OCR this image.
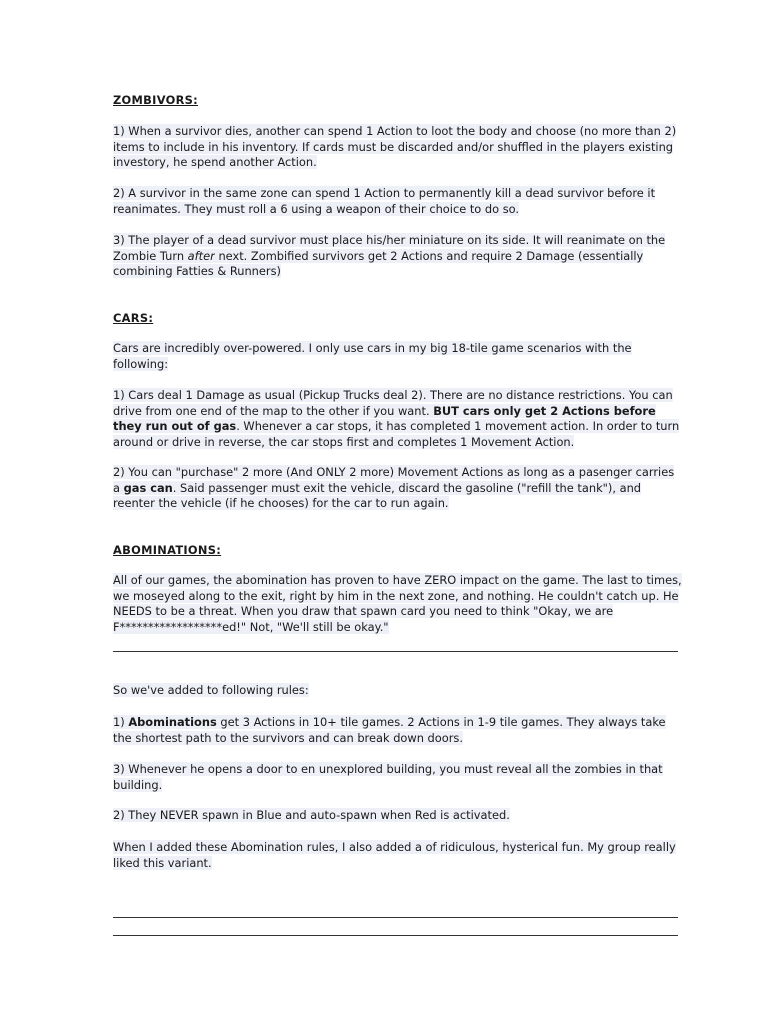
ZOMBIVORS:

1) When a survivor dies, another can spend 1 Action to loot the body and choose (no more than 2) items to include in his inventory. If cards must be discarded and/or shuffled in the players existing investory, he spend another Action.

2) A survivor in the same zone can spend 1 Action to permanently kill a dead survivor before it reanimates. They must roll a 6 using a weapon of their choice to do so.

3) The player of a dead survivor must place his/her miniature on its side. It will reanimate on the Zombie Turn after next. Zombified survivors get 2 Actions and require 2 Damage (essentially combining Fatties & Runners)

CARS:

Cars are incredibly over-powered. I only use cars in my big 18-tile game scenarios with the following:

1) Cars deal 1 Damage as usual (Pickup Trucks deal 2). There are no distance restrictions. You can drive from one end of the map to the other if you want. BUT cars only get 2 Actions before they run out of gas. Whenever a car stops, it has completed 1 movement action. In order to turn around or drive in reverse, the car stops first and completes 1 Movement Action.

2) You can "purchase" 2 more (And ONLY 2 more) Movement Actions as long as a pasenger carries a gas can. Said passenger must exit the vehicle, discard the gasoline ("refill the tank"), and reenter the vehicle (if he chooses) for the car to run again.

ABOMINATIONS:

All of our games, the abomination has proven to have ZERO impact on the game. The last to times, we moseyed along to the exit, right by him in the next zone, and nothing. He couldn't catch up. He NEEDS to be a threat. When you draw that spawn card you need to think "Okay, we are F******************ed!" Not, "We'll still be okay."

So we've added to following rules:

1) Abominations get 3 Actions in 10+ tile games. 2 Actions in 1-9 tile games. They always take the shortest path to the survivors and can break down doors.

3) Whenever he opens a door to en unexplored building, you must reveal all the zombies in that building.

2) They NEVER spawn in Blue and auto-spawn when Red is activated.

When I added these Abomination rules, I also added a of ridiculous, hysterical fun. My group really liked this variant.
